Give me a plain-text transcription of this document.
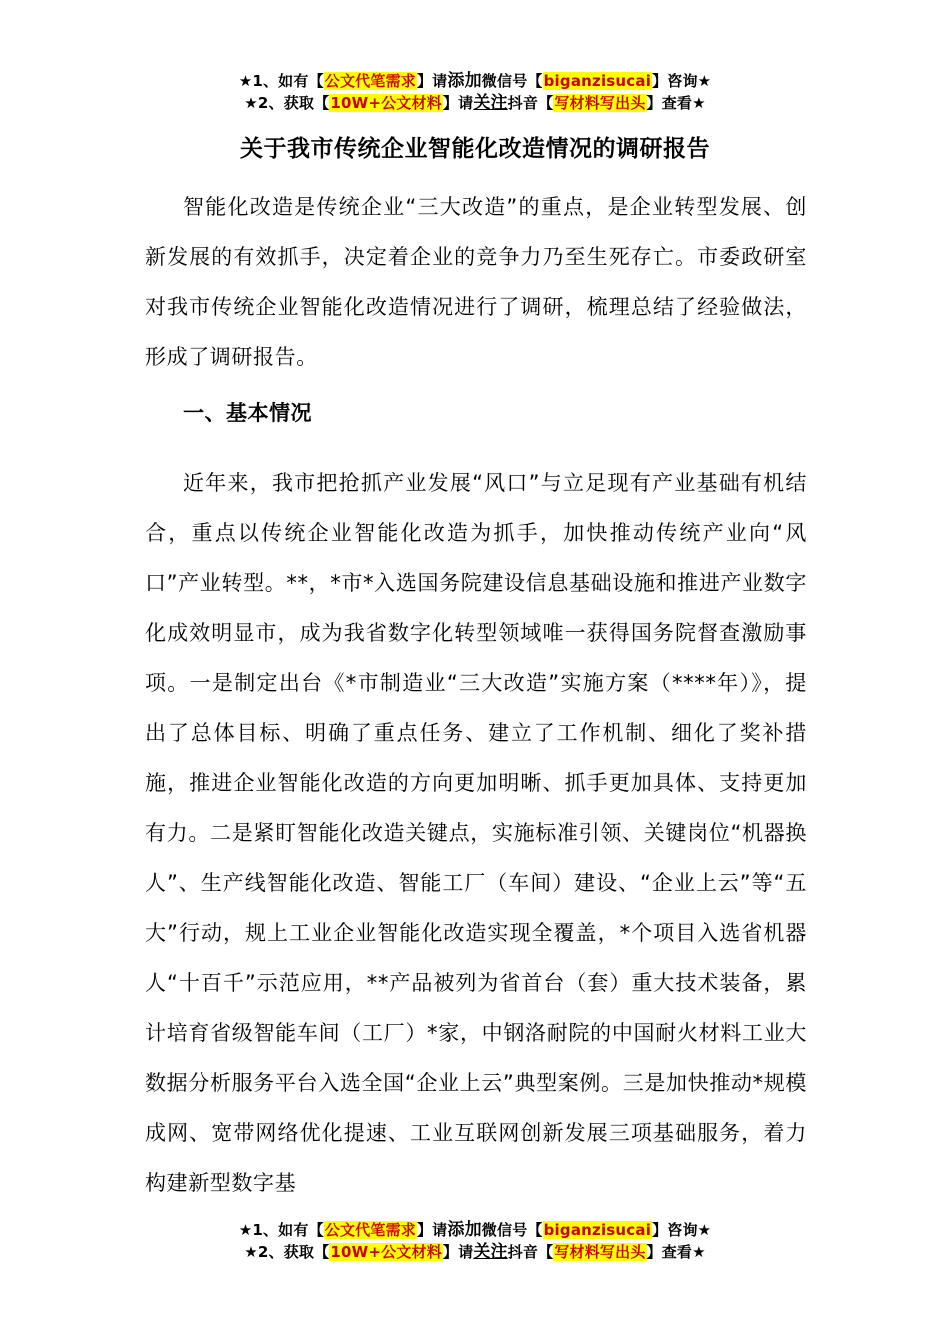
★1、如有【公文代笔需求】请添加微信号【biganzisucai】咨询★
★2、获取【10W+公文材料】请关注抖音【写材料写出头】查看★
关于我市传统企业智能化改造情况的调研报告

智能化改造是传统企业“三大改造”的重点，是企业转型发展、创新发展的有效抓手，决定着企业的竞争力乃至生死存亡。市委政研室对我市传统企业智能化改造情况进行了调研，梳理总结了经验做法，形成了调研报告。

一、基本情况

近年来，我市把抢抓产业发展“风口”与立足现有产业基础有机结合，重点以传统企业智能化改造为抓手，加快推动传统产业向“风口”产业转型。**，*市*入选国务院建设信息基础设施和推进产业数字化成效明显市，成为我省数字化转型领域唯一获得国务院督查激励事项。一是制定出台《*市制造业“三大改造”实施方案（****年）》，提出了总体目标、明确了重点任务、建立了工作机制、细化了奖补措施，推进企业智能化改造的方向更加明晰、抓手更加具体、支持更加有力。二是紧盯智能化改造关键点，实施标准引领、关键岗位“机器换人”、生产线智能化改造、智能工厂（车间）建设、“企业上云”等“五大”行动，规上工业企业智能化改造实现全覆盖，*个项目入选省机器人“十百千”示范应用，**产品被列为省首台（套）重大技术装备，累计培育省级智能车间（工厂）*家，中钢洛耐院的中国耐火材料工业大数据分析服务平台入选全国“企业上云”典型案例。三是加快推动*规模成网、宽带网络优化提速、工业互联网创新发展三项基础服务，着力构建新型数字基

★1、如有【公文代笔需求】请添加微信号【biganzisucai】咨询★
★2、获取【10W+公文材料】请关注抖音【写材料写出头】查看★
